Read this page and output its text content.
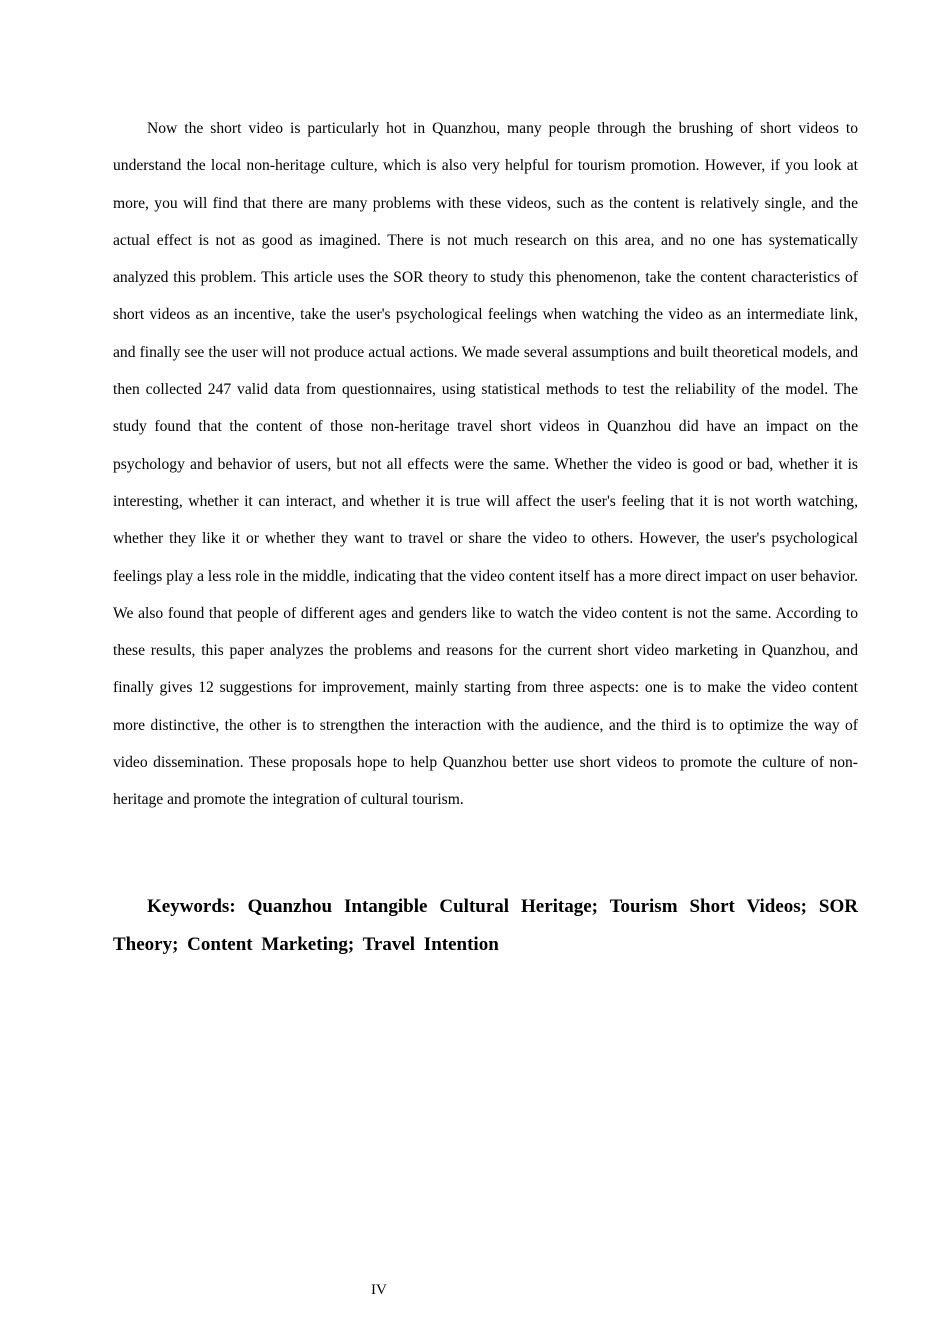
Now the short video is particularly hot in Quanzhou, many people through the brushing of short videos to understand the local non-heritage culture, which is also very helpful for tourism promotion. However, if you look at more, you will find that there are many problems with these videos, such as the content is relatively single, and the actual effect is not as good as imagined. There is not much research on this area, and no one has systematically analyzed this problem. This article uses the SOR theory to study this phenomenon, take the content characteristics of short videos as an incentive, take the user's psychological feelings when watching the video as an intermediate link, and finally see the user will not produce actual actions. We made several assumptions and built theoretical models, and then collected 247 valid data from questionnaires, using statistical methods to test the reliability of the model. The study found that the content of those non-heritage travel short videos in Quanzhou did have an impact on the psychology and behavior of users, but not all effects were the same. Whether the video is good or bad, whether it is interesting, whether it can interact, and whether it is true will affect the user's feeling that it is not worth watching, whether they like it or whether they want to travel or share the video to others. However, the user's psychological feelings play a less role in the middle, indicating that the video content itself has a more direct impact on user behavior. We also found that people of different ages and genders like to watch the video content is not the same. According to these results, this paper analyzes the problems and reasons for the current short video marketing in Quanzhou, and finally gives 12 suggestions for improvement, mainly starting from three aspects: one is to make the video content more distinctive, the other is to strengthen the interaction with the audience, and the third is to optimize the way of video dissemination. These proposals hope to help Quanzhou better use short videos to promote the culture of non-heritage and promote the integration of cultural tourism.

Keywords: Quanzhou Intangible Cultural Heritage; Tourism Short Videos; SOR Theory; Content Marketing; Travel Intention

IV
